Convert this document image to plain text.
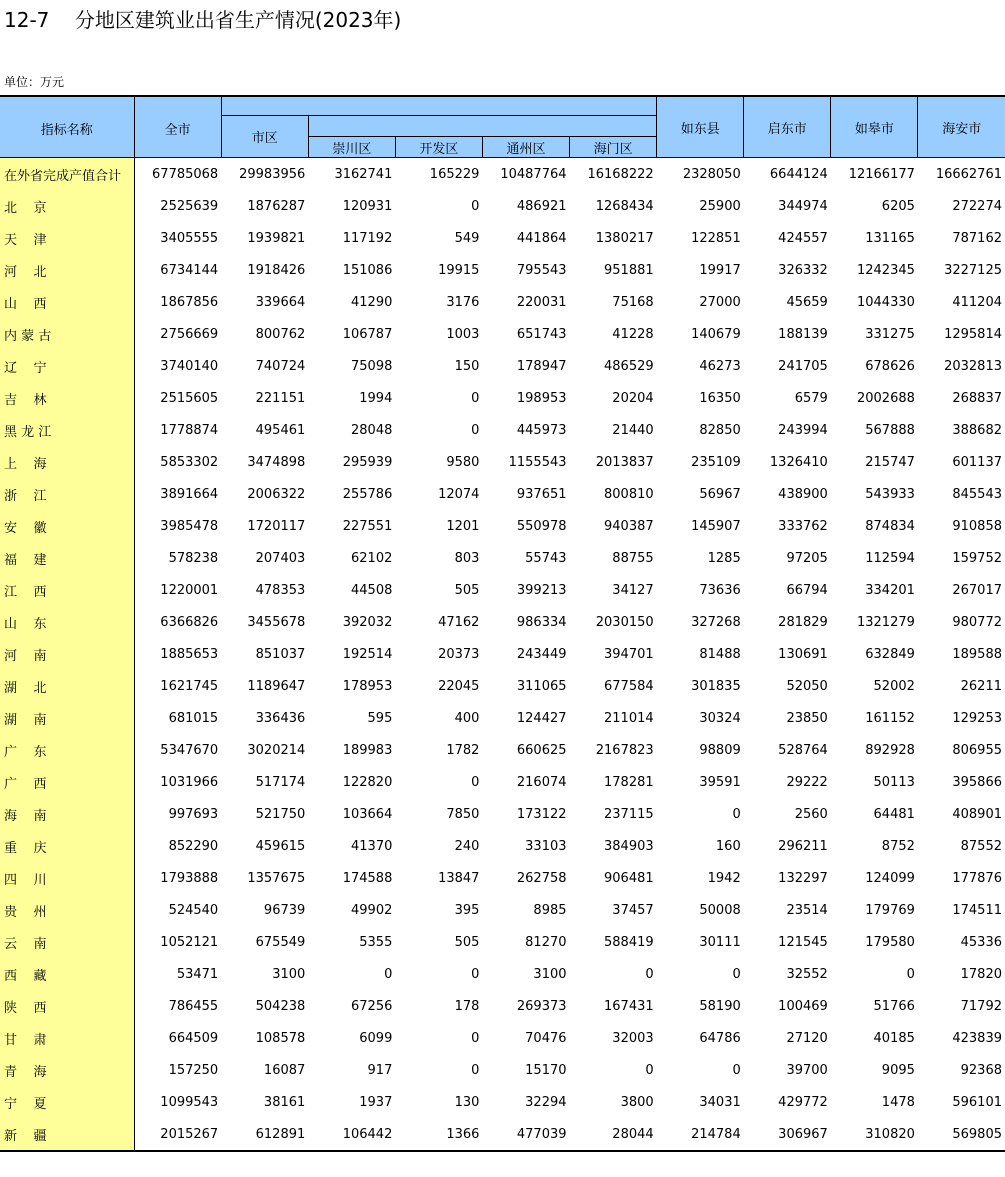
12-7    分地区建筑业出省生产情况(2023年)
单位：万元
指标名称	全市						如东县	启东市	如皋市	海安市
		市区								
			崇川区	开发区	通州区	海门区				
在外省完成产值合计	67785068	29983956	3162741	165229	10487764	16168222	2328050	6644124	12166177	16662761
北    京	2525639	1876287	120931	0	486921	1268434	25900	344974	6205	272274
天    津	3405555	1939821	117192	549	441864	1380217	122851	424557	131165	787162
河    北	6734144	1918426	151086	19915	795543	951881	19917	326332	1242345	3227125
山    西	1867856	339664	41290	3176	220031	75168	27000	45659	1044330	411204
内 蒙 古	2756669	800762	106787	1003	651743	41228	140679	188139	331275	1295814
辽    宁	3740140	740724	75098	150	178947	486529	46273	241705	678626	2032813
吉    林	2515605	221151	1994	0	198953	20204	16350	6579	2002688	268837
黑 龙 江	1778874	495461	28048	0	445973	21440	82850	243994	567888	388682
上    海	5853302	3474898	295939	9580	1155543	2013837	235109	1326410	215747	601137
浙    江	3891664	2006322	255786	12074	937651	800810	56967	438900	543933	845543
安    徽	3985478	1720117	227551	1201	550978	940387	145907	333762	874834	910858
福    建	578238	207403	62102	803	55743	88755	1285	97205	112594	159752
江    西	1220001	478353	44508	505	399213	34127	73636	66794	334201	267017
山    东	6366826	3455678	392032	47162	986334	2030150	327268	281829	1321279	980772
河    南	1885653	851037	192514	20373	243449	394701	81488	130691	632849	189588
湖    北	1621745	1189647	178953	22045	311065	677584	301835	52050	52002	26211
湖    南	681015	336436	595	400	124427	211014	30324	23850	161152	129253
广    东	5347670	3020214	189983	1782	660625	2167823	98809	528764	892928	806955
广    西	1031966	517174	122820	0	216074	178281	39591	29222	50113	395866
海    南	997693	521750	103664	7850	173122	237115	0	2560	64481	408901
重    庆	852290	459615	41370	240	33103	384903	160	296211	8752	87552
四    川	1793888	1357675	174588	13847	262758	906481	1942	132297	124099	177876
贵    州	524540	96739	49902	395	8985	37457	50008	23514	179769	174511
云    南	1052121	675549	5355	505	81270	588419	30111	121545	179580	45336
西    藏	53471	3100	0	0	3100	0	0	32552	0	17820
陕    西	786455	504238	67256	178	269373	167431	58190	100469	51766	71792
甘    肃	664509	108578	6099	0	70476	32003	64786	27120	40185	423839
青    海	157250	16087	917	0	15170	0	0	39700	9095	92368
宁    夏	1099543	38161	1937	130	32294	3800	34031	429772	1478	596101
新    疆	2015267	612891	106442	1366	477039	28044	214784	306967	310820	569805
